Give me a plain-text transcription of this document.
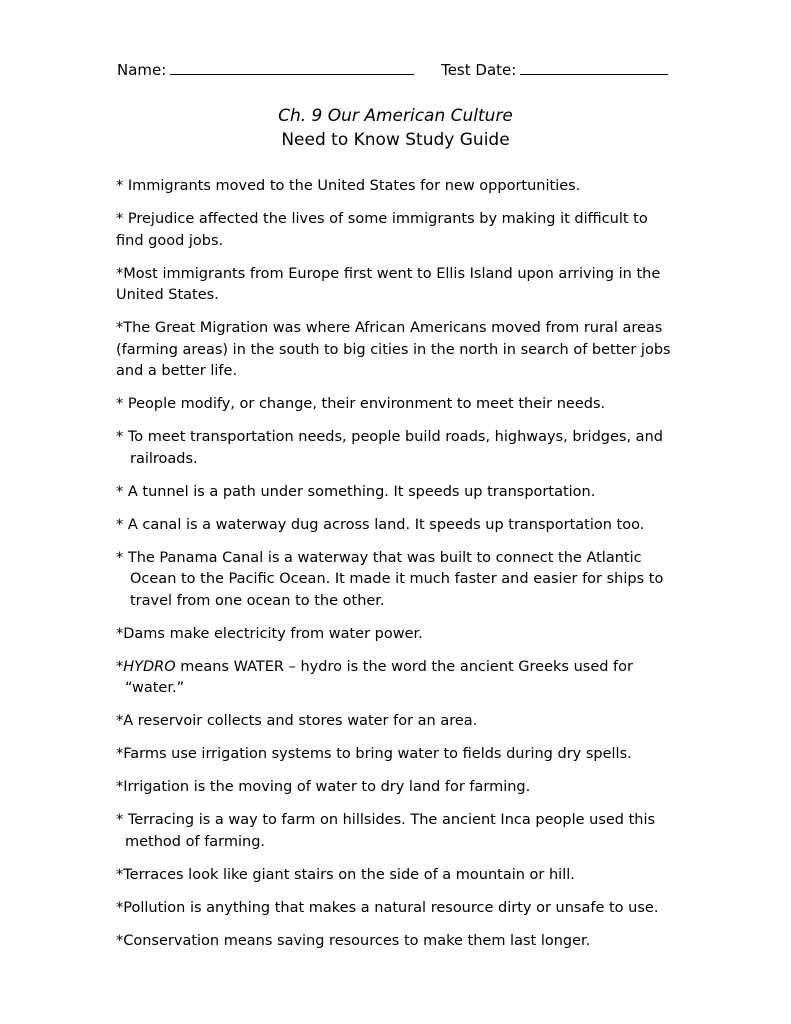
Name:	Test Date:
Ch. 9 Our American Culture
Need to Know Study Guide

* Immigrants moved to the United States for new opportunities.

* Prejudice affected the lives of some immigrants by making it difficult to find good jobs.

*Most immigrants from Europe first went to Ellis Island upon arriving in the United States.

*The Great Migration was where African Americans moved from rural areas (farming areas) in the south to big cities in the north in search of better jobs and a better life.

* People modify, or change, their environment to meet their needs.

* To meet transportation needs, people build roads, highways, bridges, and railroads.

* A tunnel is a path under something. It speeds up transportation.

* A canal is a waterway dug across land. It speeds up transportation too.

* The Panama Canal is a waterway that was built to connect the Atlantic Ocean to the Pacific Ocean. It made it much faster and easier for ships to travel from one ocean to the other.

*Dams make electricity from water power.

*HYDRO means WATER – hydro is the word the ancient Greeks used for “water.”

*A reservoir collects and stores water for an area.

*Farms use irrigation systems to bring water to fields during dry spells.

*Irrigation is the moving of water to dry land for farming.

* Terracing is a way to farm on hillsides. The ancient Inca people used this method of farming.

*Terraces look like giant stairs on the side of a mountain or hill.

*Pollution is anything that makes a natural resource dirty or unsafe to use.

*Conservation means saving resources to make them last longer.
